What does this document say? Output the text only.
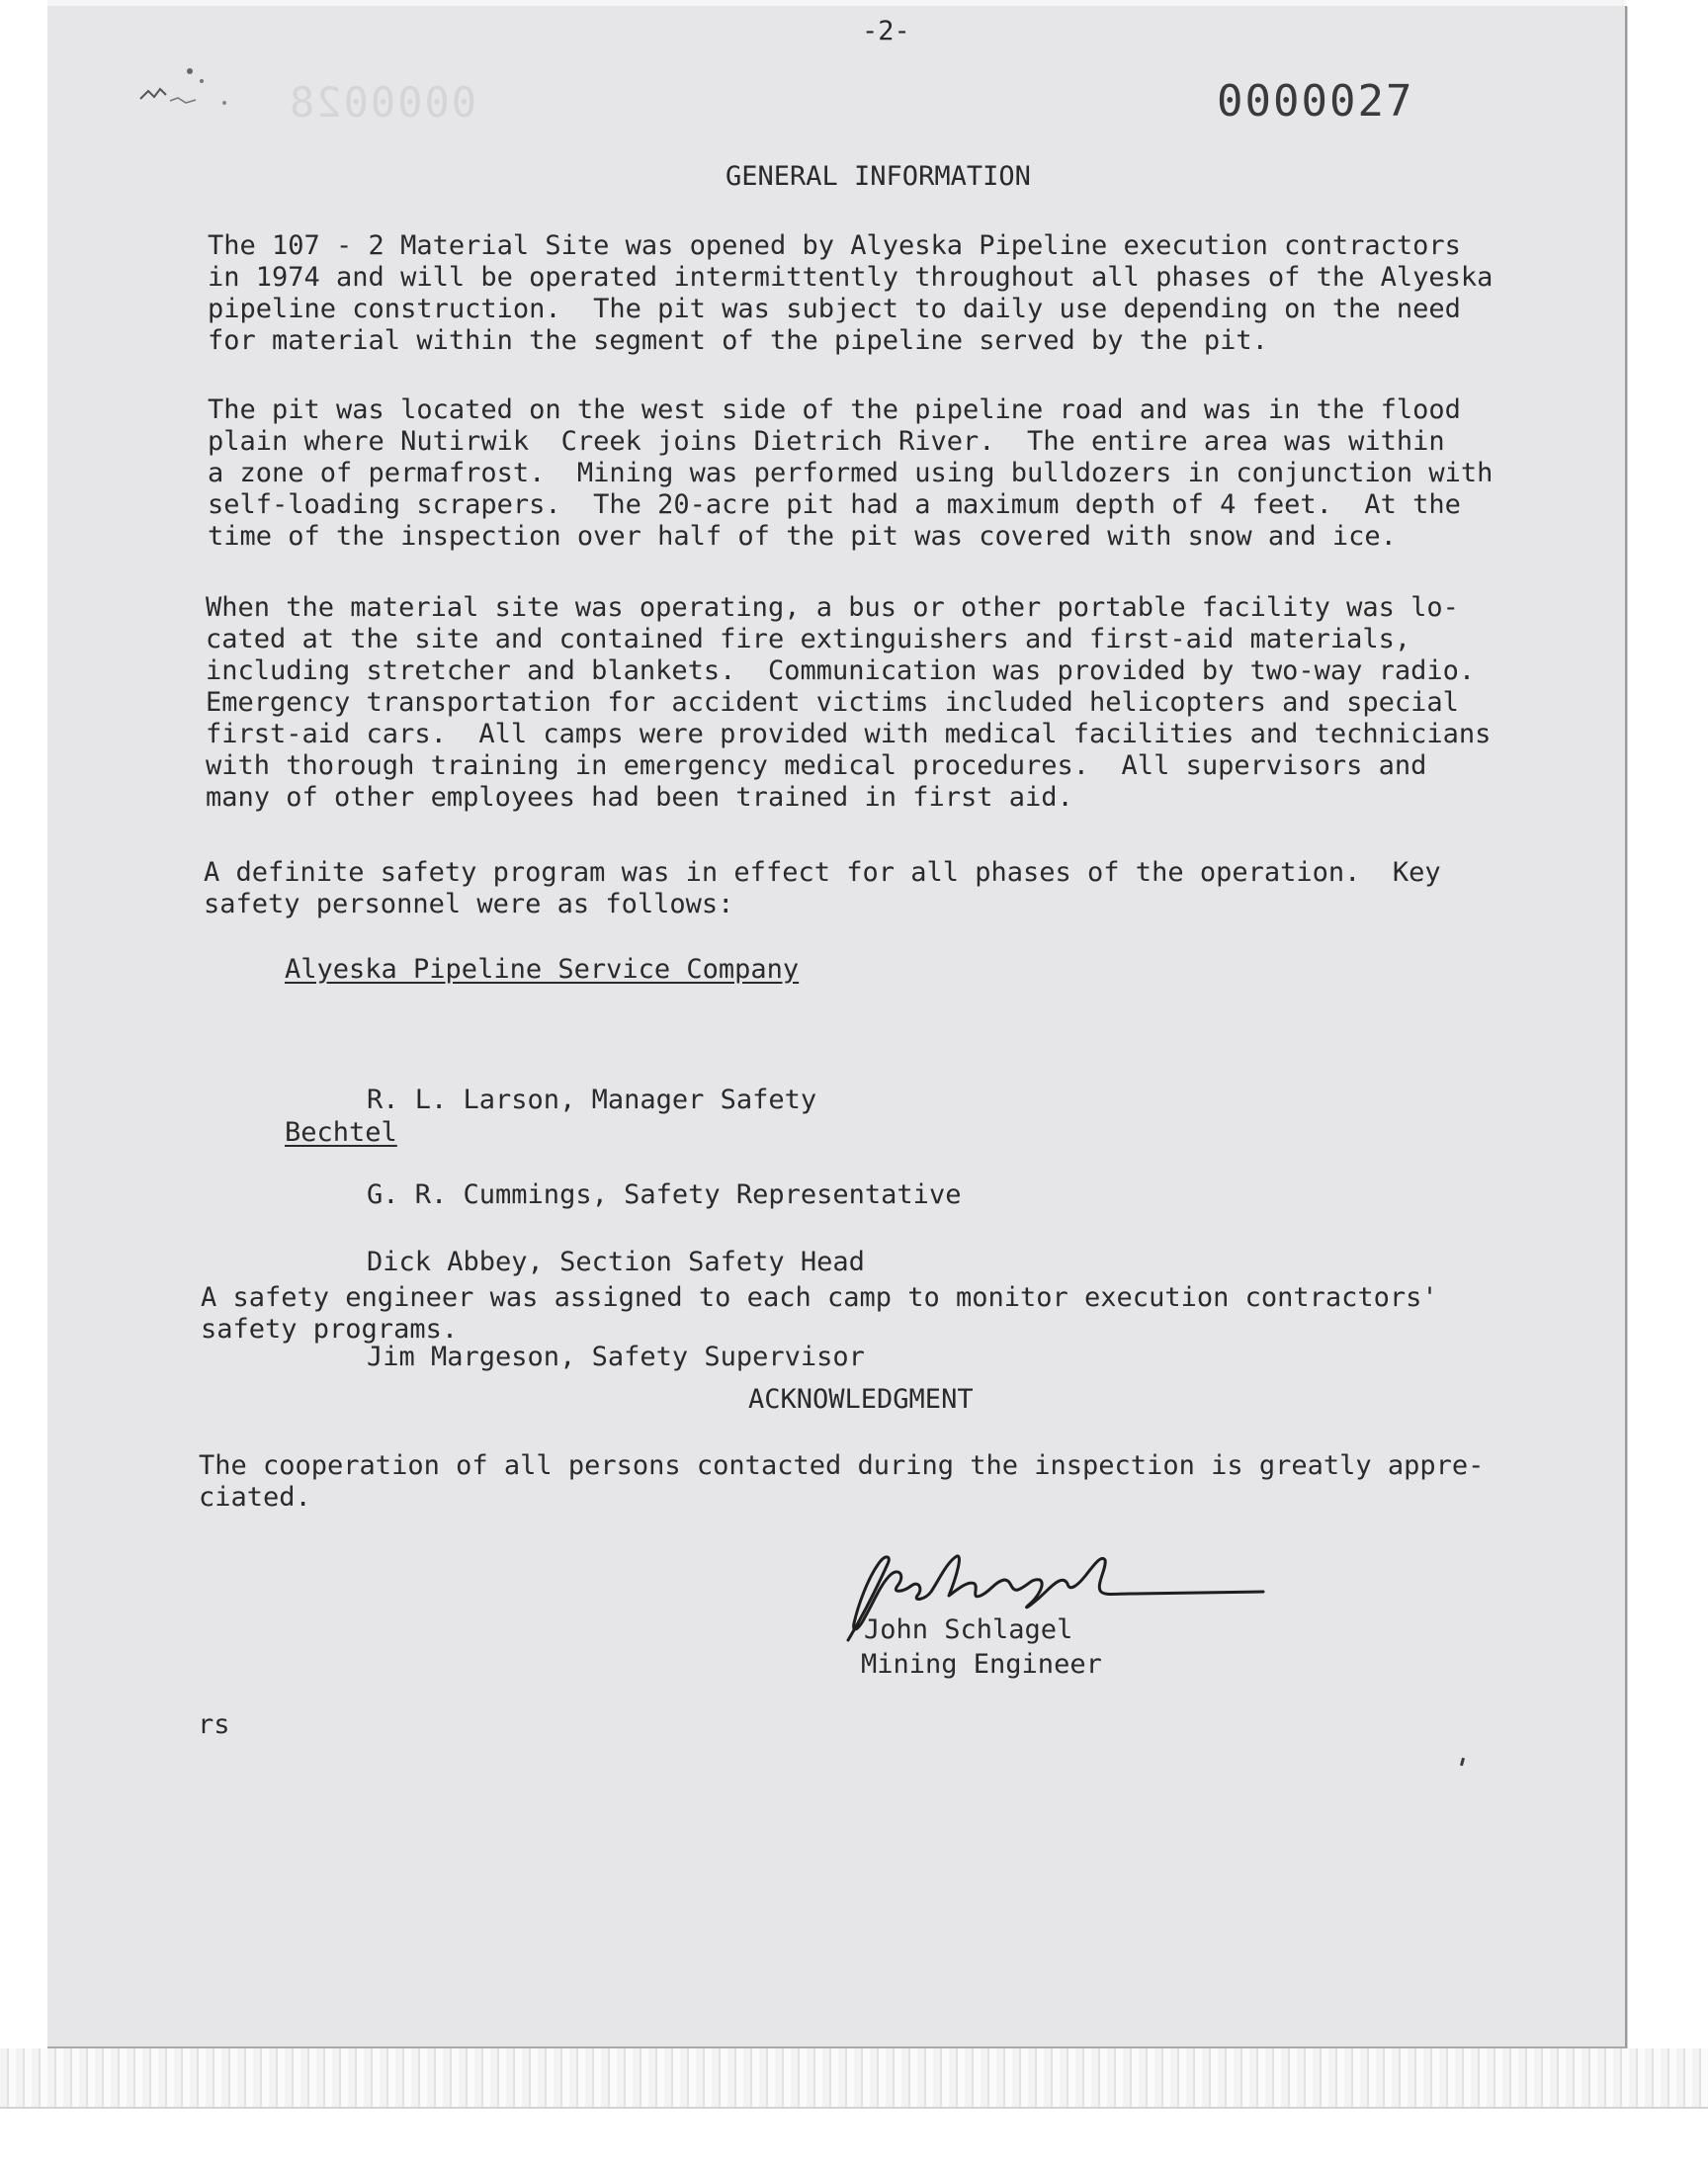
-2-
0000028	0000027
GENERAL INFORMATION
The 107 - 2 Material Site was opened by Alyeska Pipeline execution contractors
in 1974 and will be operated intermittently throughout all phases of the Alyeska
pipeline construction.  The pit was subject to daily use depending on the need
for material within the segment of the pipeline served by the pit.
The pit was located on the west side of the pipeline road and was in the flood
plain where Nutirwik  Creek joins Dietrich River.  The entire area was within
a zone of permafrost.  Mining was performed using bulldozers in conjunction with
self-loading scrapers.  The 20-acre pit had a maximum depth of 4 feet.  At the
time of the inspection over half of the pit was covered with snow and ice.
When the material site was operating, a bus or other portable facility was lo-
cated at the site and contained fire extinguishers and first-aid materials,
including stretcher and blankets.  Communication was provided by two-way radio.
Emergency transportation for accident victims included helicopters and special
first-aid cars.  All camps were provided with medical facilities and technicians
with thorough training in emergency medical procedures.  All supervisors and
many of other employees had been trained in first aid.
A definite safety program was in effect for all phases of the operation.  Key
safety personnel were as follows:
Alyeska Pipeline Service Company

R. L. Larson, Manager Safety

G. R. Cummings, Safety Representative

Bechtel

Dick Abbey, Section Safety Head

Jim Margeson, Safety Supervisor

A safety engineer was assigned to each camp to monitor execution contractors'
safety programs.
ACKNOWLEDGMENT
The cooperation of all persons contacted during the inspection is greatly appre-
ciated.
John Schlagel
Mining Engineer
rs
